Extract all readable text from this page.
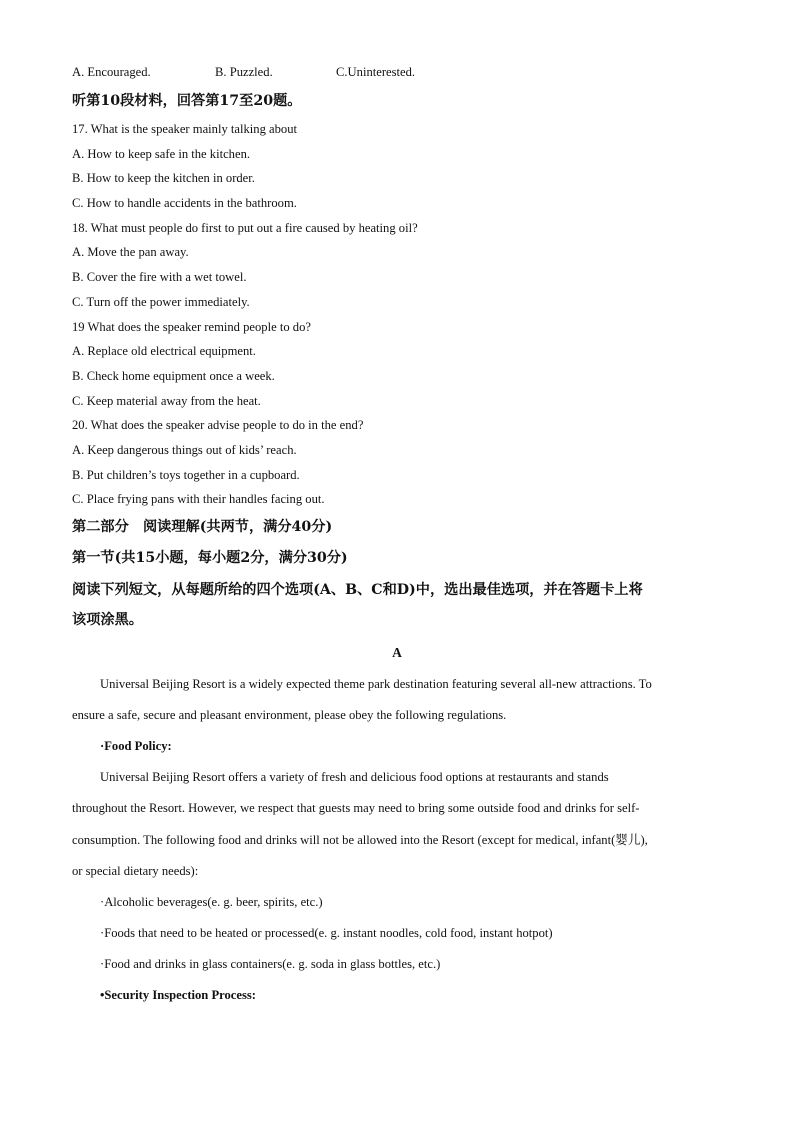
A. Encouraged.	B. Puzzled.	C.Uninterested.
听第10段材料，回答第17至20题。
17. What is the speaker mainly talking about
A. How to keep safe in the kitchen.
B. How to keep the kitchen in order.
C. How to handle accidents in the bathroom.
18. What must people do first to put out a fire caused by heating oil?
A. Move the pan away.
B. Cover the fire with a wet towel.
C. Turn off the power immediately.
19 What does the speaker remind people to do?
A. Replace old electrical equipment.
B. Check home equipment once a week.
C. Keep material away from the heat.
20. What does the speaker advise people to do in the end?
A. Keep dangerous things out of kids’ reach.
B. Put children’s toys together in a cupboard.
C. Place frying pans with their handles facing out.
第二部分　阅读理解(共两节，满分40分)
第一节(共15小题，每小题2分，满分30分)
阅读下列短文，从每题所给的四个选项(A、B、C和D)中，选出最佳选项，并在答题卡上将
该项涂黑。
A
Universal Beijing Resort is a widely expected theme park destination featuring several all-new attractions. To
ensure a safe, secure and pleasant environment, please obey the following regulations.
·Food Policy:
Universal Beijing Resort offers a variety of fresh and delicious food options at restaurants and stands
throughout the Resort. However, we respect that guests may need to bring some outside food and drinks for self-
consumption. The following food and drinks will not be allowed into the Resort (except for medical, infant(婴儿),
or special dietary needs):
·Alcoholic beverages(e. g. beer, spirits, etc.)
·Foods that need to be heated or processed(e. g. instant noodles, cold food, instant hotpot)
·Food and drinks in glass containers(e. g. soda in glass bottles, etc.)
•Security Inspection Process:
